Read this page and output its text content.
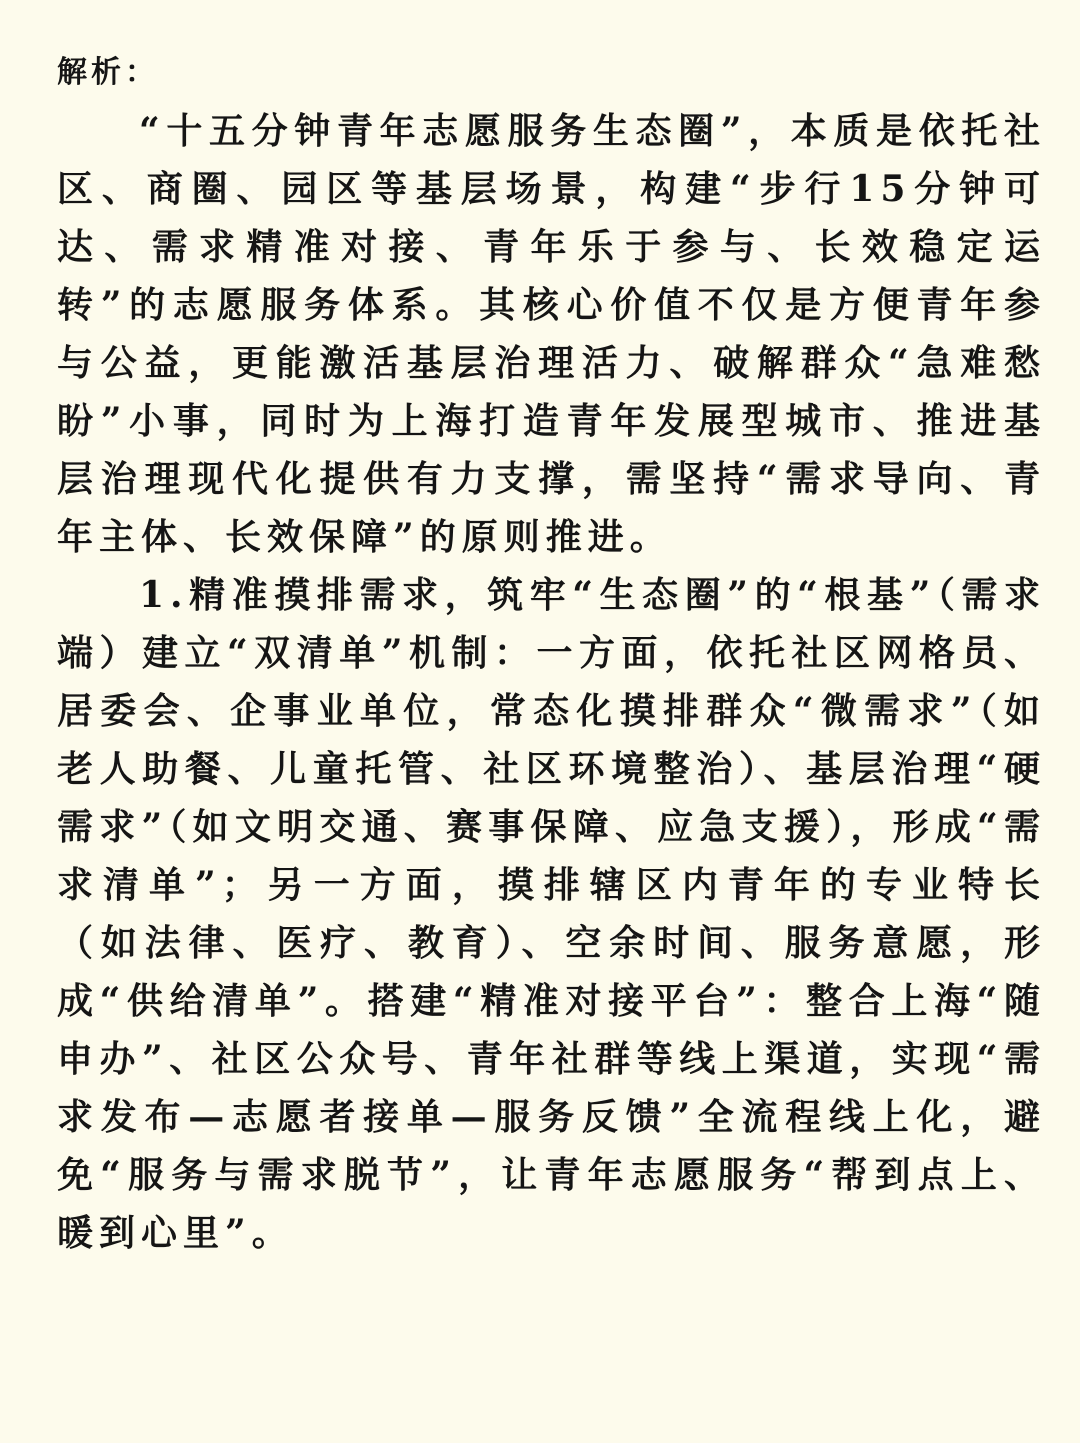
解析：

“十五分钟青年志愿服务生态圈”，本质是依托社区、商圈、园区等基层场景，构建“步行15分钟可达、需求精准对接、青年乐于参与、长效稳定运转”的志愿服务体系。其核心价值不仅是方便青年参与公益，更能激活基层治理活力、破解群众“急难愁盼”小事，同时为上海打造青年发展型城市、推进基层治理现代化提供有力支撑，需坚持“需求导向、青年主体、长效保障”的原则推进。

1.精准摸排需求，筑牢“生态圈”的“根基”（需求端）建立“双清单”机制：一方面，依托社区网格员、居委会、企事业单位，常态化摸排群众“微需求”（如老人助餐、儿童托管、社区环境整治）、基层治理“硬需求”（如文明交通、赛事保障、应急支援），形成“需求清单”；另一方面，摸排辖区内青年的专业特长（如法律、医疗、教育）、空余时间、服务意愿，形成“供给清单”。搭建“精准对接平台”：整合上海“随申办”、社区公众号、青年社群等线上渠道，实现“需求发布—志愿者接单—服务反馈”全流程线上化，避免“服务与需求脱节”，让青年志愿服务“帮到点上、暖到心里”。
